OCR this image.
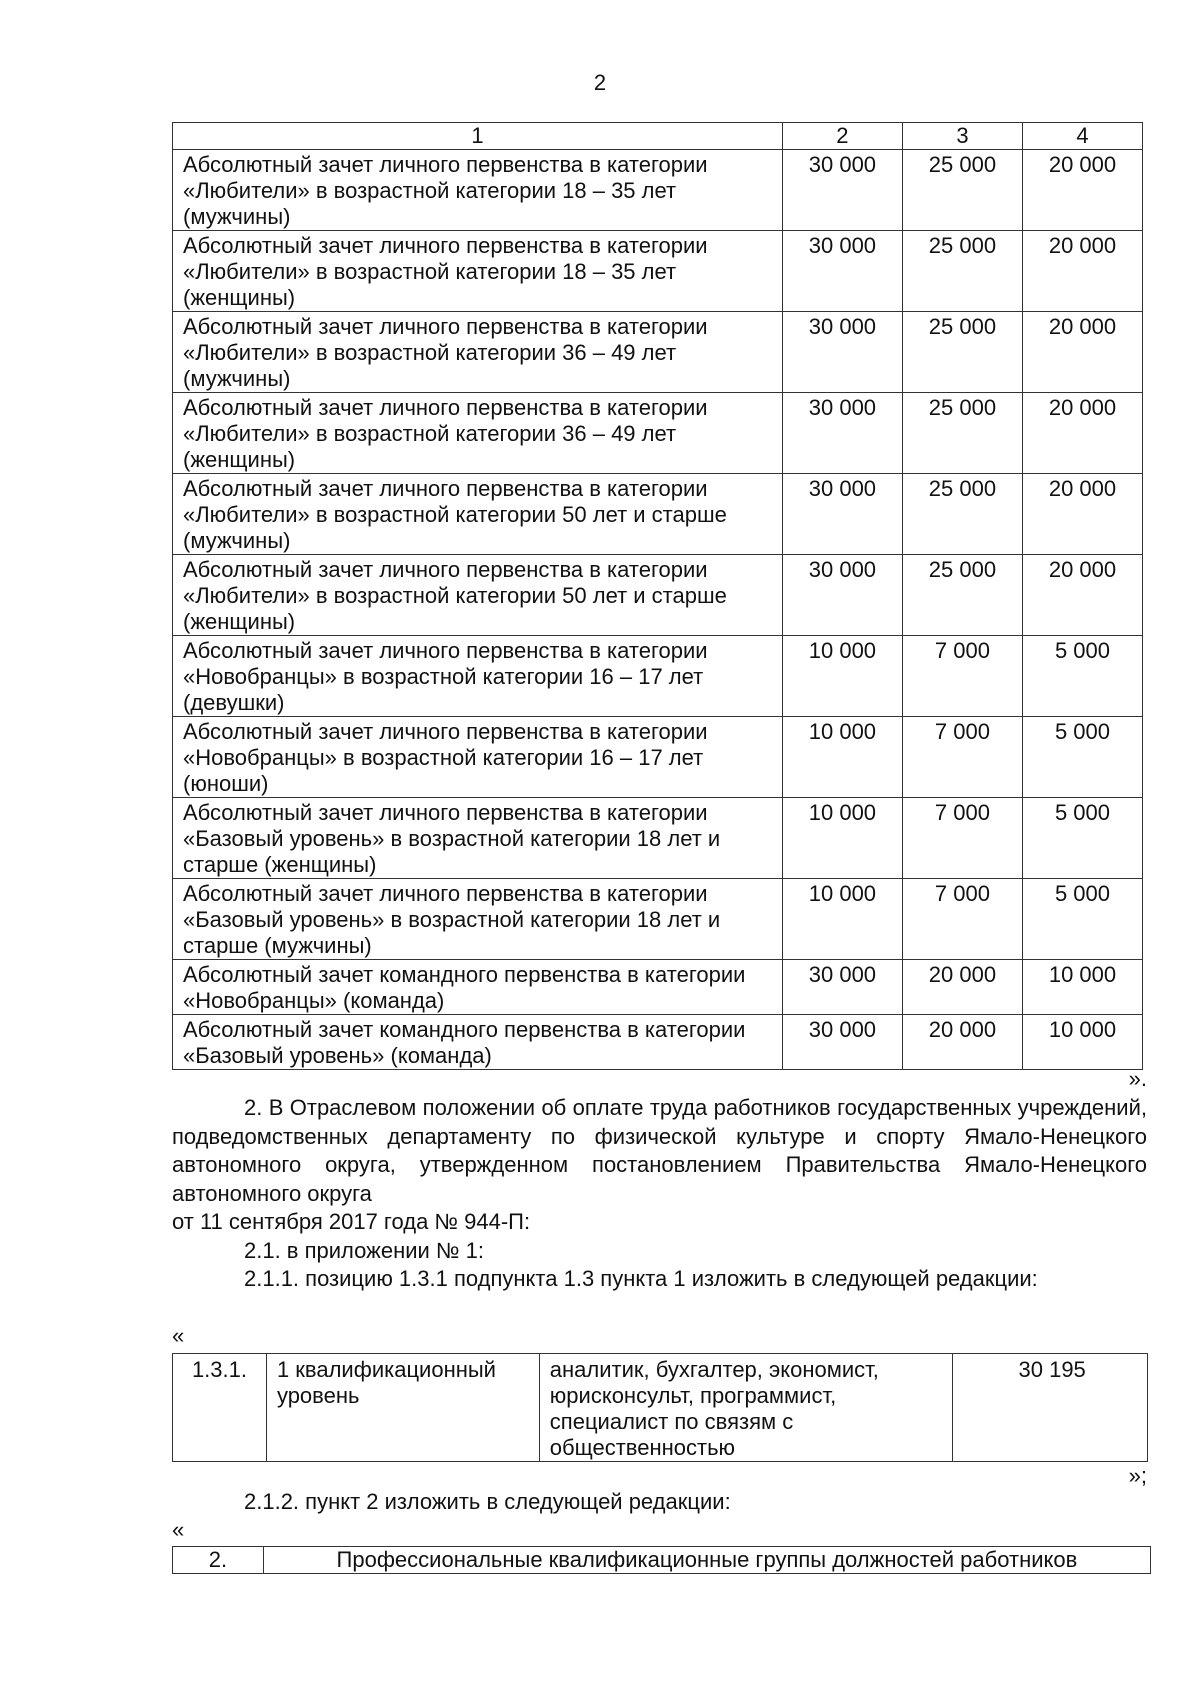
2
1	2	3	4
Абсолютный зачет личного первенства в категории «Любители» в возрастной категории 18 – 35 лет (мужчины)	30 000	25 000	20 000
Абсолютный зачет личного первенства в категории «Любители» в возрастной категории 18 – 35 лет (женщины)	30 000	25 000	20 000
Абсолютный зачет личного первенства в категории «Любители» в возрастной категории 36 – 49 лет (мужчины)	30 000	25 000	20 000
Абсолютный зачет личного первенства в категории «Любители» в возрастной категории 36 – 49 лет (женщины)	30 000	25 000	20 000
Абсолютный зачет личного первенства в категории «Любители» в возрастной категории 50 лет и старше (мужчины)	30 000	25 000	20 000
Абсолютный зачет личного первенства в категории «Любители» в возрастной категории 50 лет и старше (женщины)	30 000	25 000	20 000
Абсолютный зачет личного первенства в категории «Новобранцы» в возрастной категории 16 – 17 лет (девушки)	10 000	7 000	5 000
Абсолютный зачет личного первенства в категории «Новобранцы» в возрастной категории 16 – 17 лет (юноши)	10 000	7 000	5 000
Абсолютный зачет личного первенства в категории «Базовый уровень» в возрастной категории 18 лет и старше (женщины)	10 000	7 000	5 000
Абсолютный зачет личного первенства в категории «Базовый уровень» в возрастной категории 18 лет и старше (мужчины)	10 000	7 000	5 000
Абсолютный зачет командного первенства в категории «Новобранцы» (команда)	30 000	20 000	10 000
Абсолютный зачет командного первенства в категории «Базовый уровень» (команда)	30 000	20 000	10 000
».
2. В Отраслевом положении об оплате труда работников государственных учреждений, подведомственных департаменту по физической культуре и спорту Ямало-Ненецкого автономного округа, утвержденном постановлением Правительства Ямало-Ненецкого автономного округа
от 11 сентября 2017 года № 944-П:
2.1. в приложении № 1:
2.1.1. позицию 1.3.1 подпункта 1.3 пункта 1 изложить в следующей редакции:
«
1.3.1.	1 квалификационный уровень	аналитик, бухгалтер, экономист, юрисконсульт, программист, специалист по связям с общественностью	30 195
»;
2.1.2. пункт 2 изложить в следующей редакции:
«
2.	Профессиональные квалификационные группы должностей работников
